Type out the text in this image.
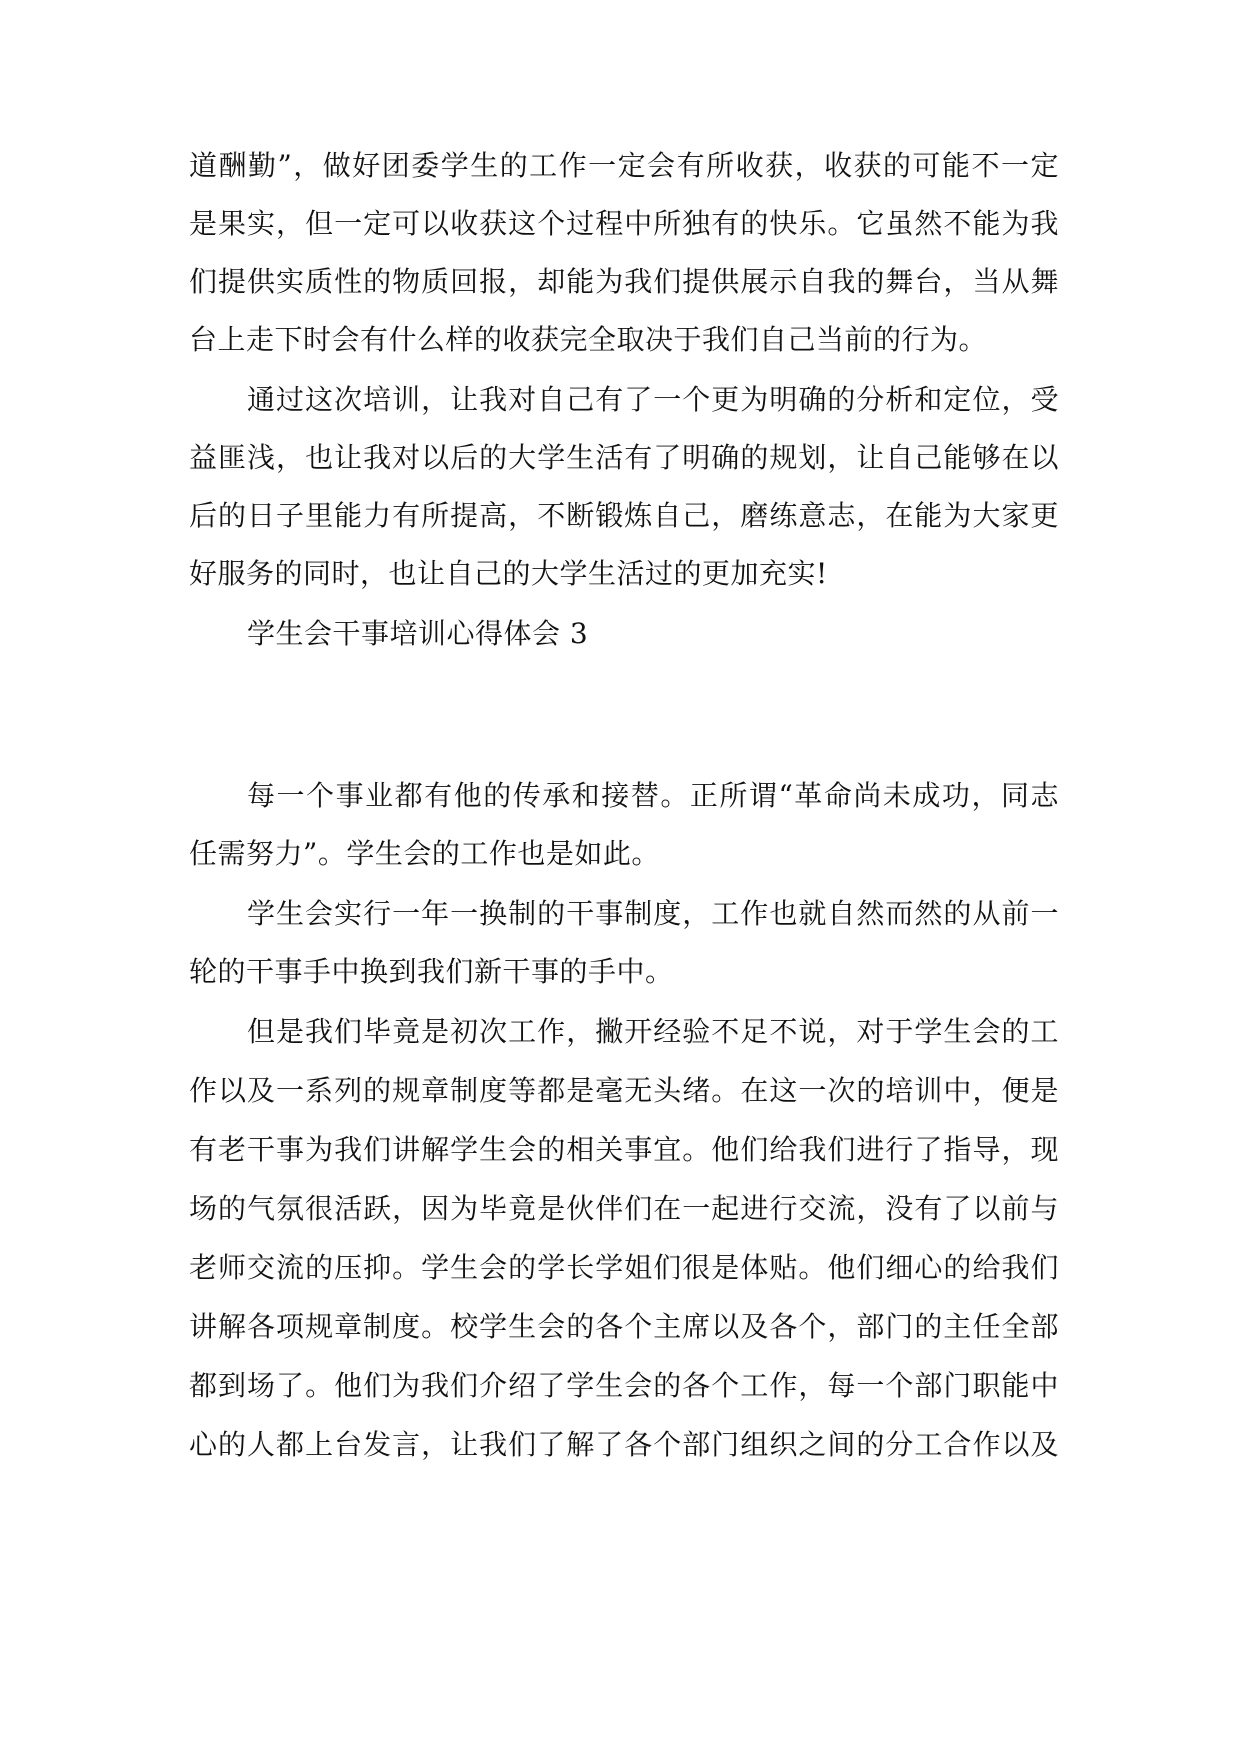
道酬勤”，做好团委学生的工作一定会有所收获，收获的可能不一定
是果实，但一定可以收获这个过程中所独有的快乐。它虽然不能为我
们提供实质性的物质回报，却能为我们提供展示自我的舞台，当从舞
台上走下时会有什么样的收获完全取决于我们自己当前的行为。
通过这次培训，让我对自己有了一个更为明确的分析和定位，受
益匪浅，也让我对以后的大学生活有了明确的规划，让自己能够在以
后的日子里能力有所提高，不断锻炼自己，磨练意志，在能为大家更
好服务的同时，也让自己的大学生活过的更加充实!
学生会干事培训心得体会 3
每一个事业都有他的传承和接替。正所谓“革命尚未成功，同志
任需努力”。学生会的工作也是如此。
学生会实行一年一换制的干事制度，工作也就自然而然的从前一
轮的干事手中换到我们新干事的手中。
但是我们毕竟是初次工作，撇开经验不足不说，对于学生会的工
作以及一系列的规章制度等都是毫无头绪。在这一次的培训中，便是
有老干事为我们讲解学生会的相关事宜。他们给我们进行了指导，现
场的气氛很活跃，因为毕竟是伙伴们在一起进行交流，没有了以前与
老师交流的压抑。学生会的学长学姐们很是体贴。他们细心的给我们
讲解各项规章制度。校学生会的各个主席以及各个，部门的主任全部
都到场了。他们为我们介绍了学生会的各个工作，每一个部门职能中
心的人都上台发言，让我们了解了各个部门组织之间的分工合作以及
